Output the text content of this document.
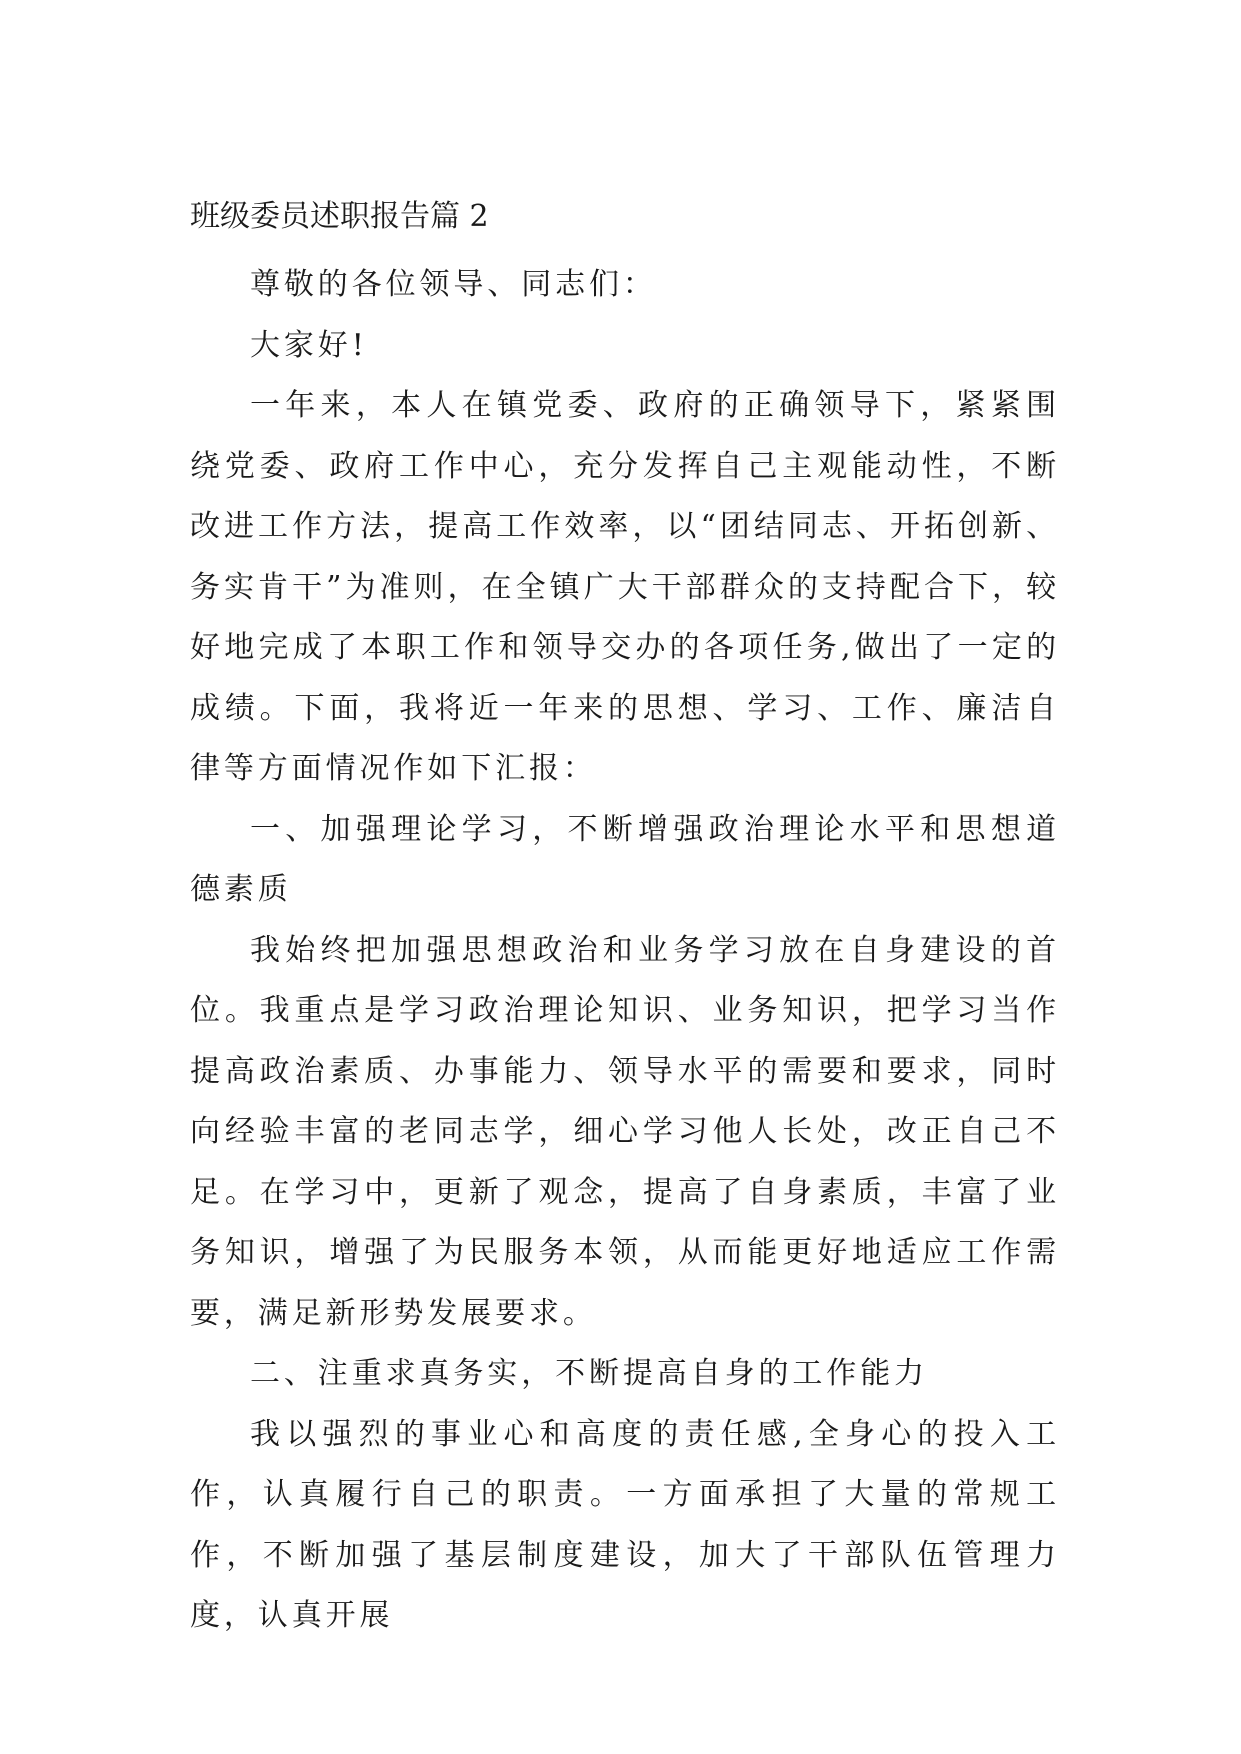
班级委员述职报告篇 2

尊敬的各位领导、同志们：

大家好!

一年来，本人在镇党委、政府的正确领导下，紧紧围绕党委、政府工作中心，充分发挥自己主观能动性，不断改进工作方法，提高工作效率，以“团结同志、开拓创新、务实肯干”为准则，在全镇广大干部群众的支持配合下，较好地完成了本职工作和领导交办的各项任务,做出了一定的成绩。下面，我将近一年来的思想、学习、工作、廉洁自律等方面情况作如下汇报：

一、加强理论学习，不断增强政治理论水平和思想道德素质

我始终把加强思想政治和业务学习放在自身建设的首位。我重点是学习政治理论知识、业务知识，把学习当作提高政治素质、办事能力、领导水平的需要和要求，同时向经验丰富的老同志学，细心学习他人长处，改正自己不足。在学习中，更新了观念，提高了自身素质，丰富了业务知识，增强了为民服务本领，从而能更好地适应工作需要，满足新形势发展要求。

二、注重求真务实，不断提高自身的工作能力

我以强烈的事业心和高度的责任感,全身心的投入工作，认真履行自己的职责。一方面承担了大量的常规工作，不断加强了基层制度建设，加大了干部队伍管理力度，认真开展
